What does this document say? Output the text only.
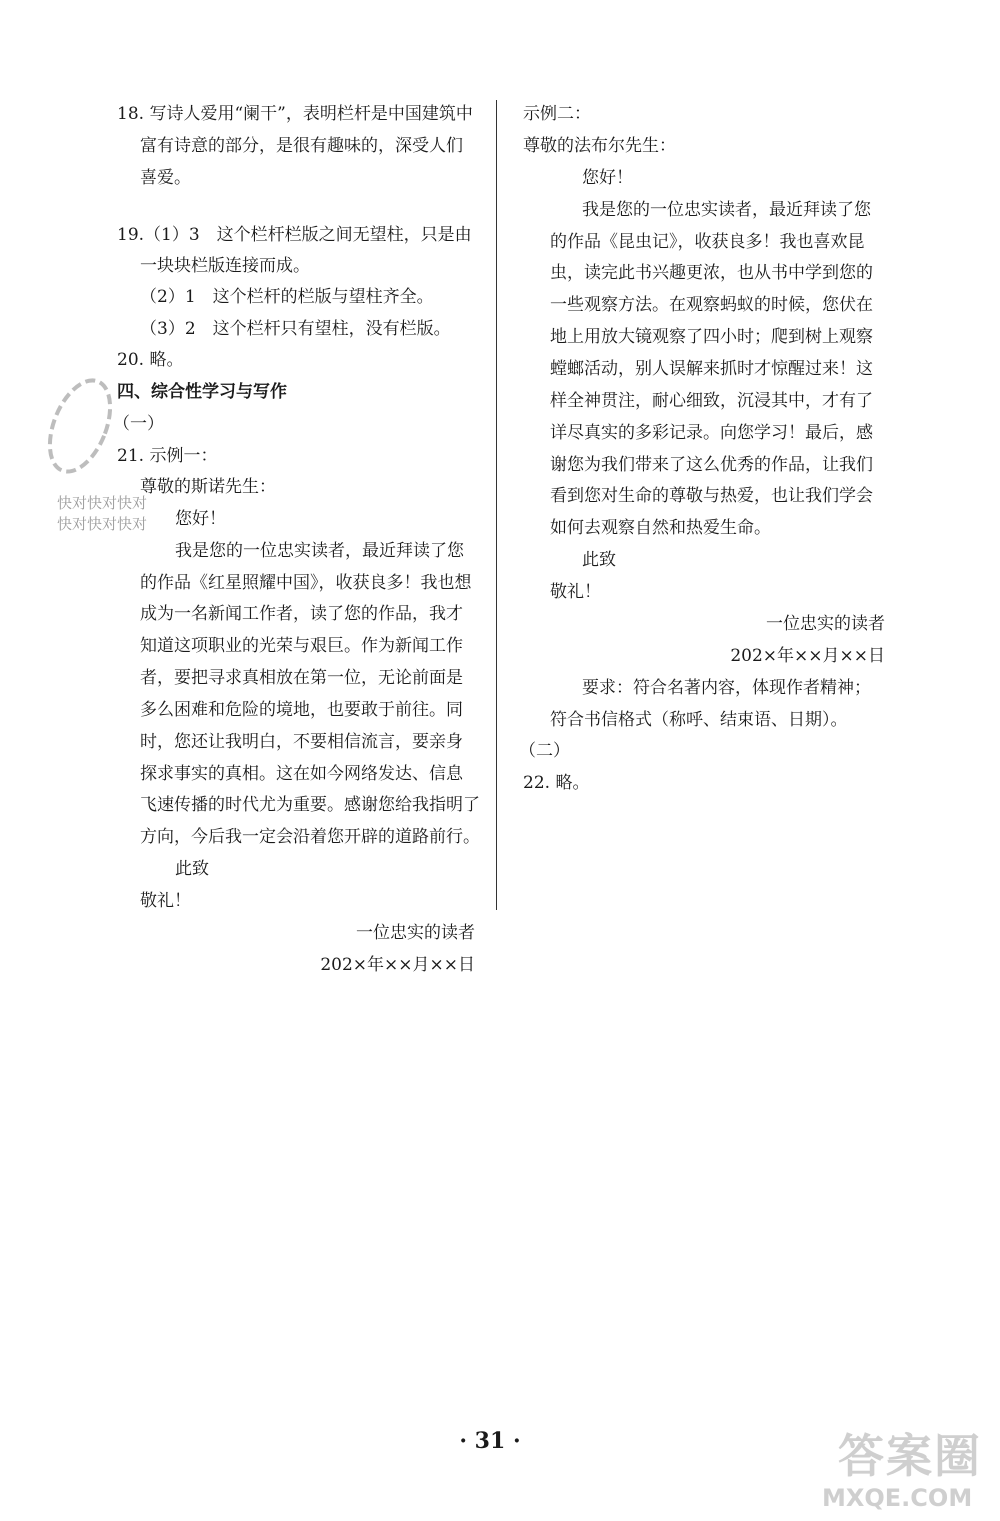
18. 写诗人爱用“阑干”，表明栏杆是中国建筑中
富有诗意的部分，是很有趣味的，深受人们
喜爱。
19.（1）3　这个栏杆栏版之间无望柱，只是由
一块块栏版连接而成。
（2）1　这个栏杆的栏版与望柱齐全。
（3）2　这个栏杆只有望柱，没有栏版。
20. 略。
四、综合性学习与写作
（一）
21. 示例一：
尊敬的斯诺先生：
您好！
我是您的一位忠实读者，最近拜读了您
的作品《红星照耀中国》，收获良多！我也想
成为一名新闻工作者，读了您的作品，我才
知道这项职业的光荣与艰巨。作为新闻工作
者，要把寻求真相放在第一位，无论前面是
多么困难和危险的境地，也要敢于前往。同
时，您还让我明白，不要相信流言，要亲身
探求事实的真相。这在如今网络发达、信息
飞速传播的时代尤为重要。感谢您给我指明了
方向，今后我一定会沿着您开辟的道路前行。
此致
敬礼！
一位忠实的读者
202×年××月××日
示例二：
尊敬的法布尔先生：
您好！
我是您的一位忠实读者，最近拜读了您
的作品《昆虫记》，收获良多！我也喜欢昆
虫，读完此书兴趣更浓，也从书中学到您的
一些观察方法。在观察蚂蚁的时候，您伏在
地上用放大镜观察了四小时；爬到树上观察
螳螂活动，别人误解来抓时才惊醒过来！这
样全神贯注，耐心细致，沉浸其中，才有了
详尽真实的多彩记录。向您学习！最后，感
谢您为我们带来了这么优秀的作品，让我们
看到您对生命的尊敬与热爱，也让我们学会
如何去观察自然和热爱生命。
此致
敬礼！
一位忠实的读者
202×年××月××日
要求：符合名著内容，体现作者精神；
符合书信格式（称呼、结束语、日期）。
（二）
22. 略。
快对快对快对
快对快对快对
· 31 ·	答案圈
MXQE.COM
